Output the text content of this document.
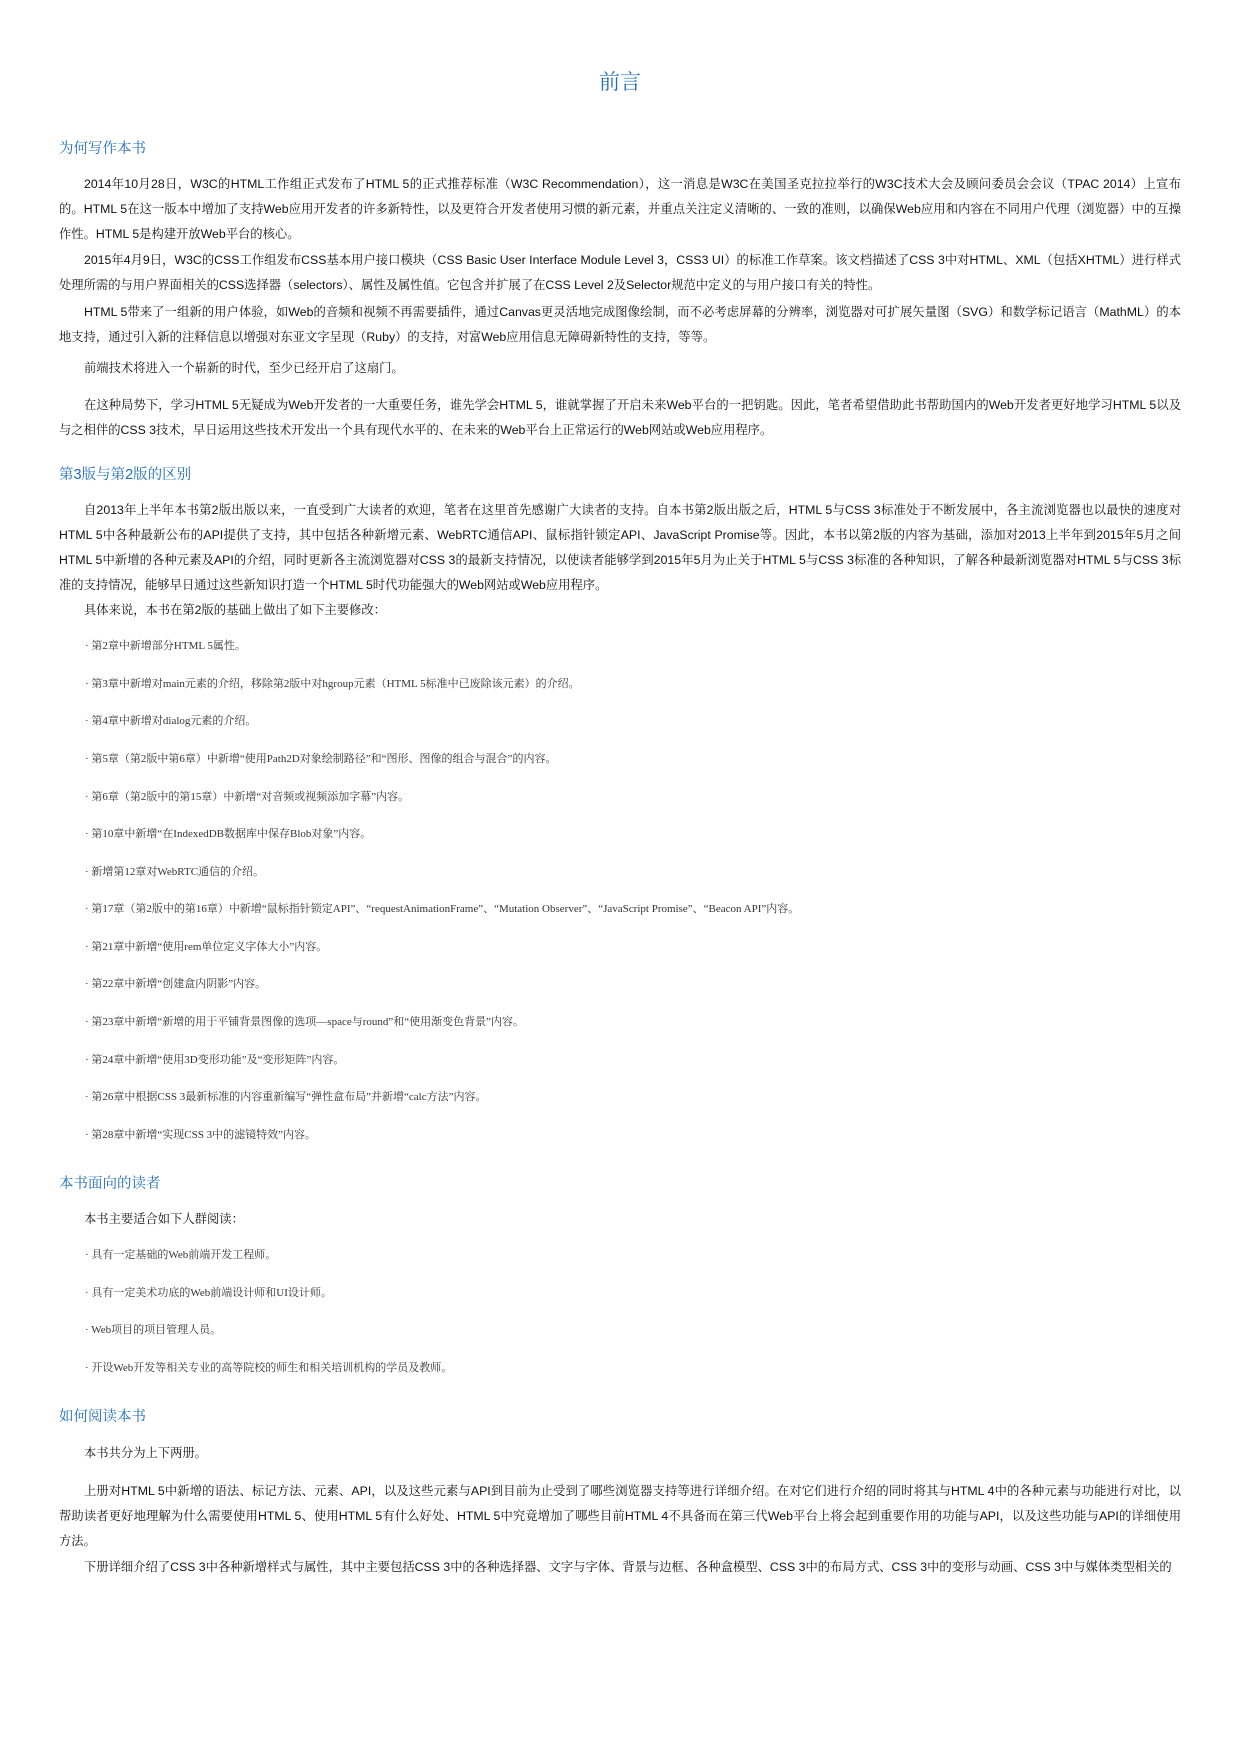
前言
为何写作本书

2014年10月28日，W3C的HTML工作组正式发布了HTML 5的正式推荐标准（W3C Recommendation），这一消息是W3C在美国圣克拉拉举行的W3C技术大会及顾问委员会会议（TPAC 2014）上宣布的。HTML 5在这一版本中增加了支持Web应用开发者的许多新特性，以及更符合开发者使用习惯的新元素，并重点关注定义清晰的、一致的准则，以确保Web应用和内容在不同用户代理（浏览器）中的互操作性。HTML 5是构建开放Web平台的核心。

2015年4月9日，W3C的CSS工作组发布CSS基本用户接口模块（CSS Basic User Interface Module Level 3，CSS3 UI）的标准工作草案。该文档描述了CSS 3中对HTML、XML（包括XHTML）进行样式处理所需的与用户界面相关的CSS选择器（selectors）、属性及属性值。它包含并扩展了在CSS Level 2及Selector规范中定义的与用户接口有关的特性。

HTML 5带来了一组新的用户体验，如Web的音频和视频不再需要插件，通过Canvas更灵活地完成图像绘制，而不必考虑屏幕的分辨率，浏览器对可扩展矢量图（SVG）和数学标记语言（MathML）的本地支持，通过引入新的注释信息以增强对东亚文字呈现（Ruby）的支持，对富Web应用信息无障碍新特性的支持，等等。

前端技术将进入一个崭新的时代，至少已经开启了这扇门。

在这种局势下，学习HTML 5无疑成为Web开发者的一大重要任务，谁先学会HTML 5，谁就掌握了开启未来Web平台的一把钥匙。因此，笔者希望借助此书帮助国内的Web开发者更好地学习HTML 5以及与之相伴的CSS 3技术，早日运用这些技术开发出一个具有现代水平的、在未来的Web平台上正常运行的Web网站或Web应用程序。

第3版与第2版的区别

自2013年上半年本书第2版出版以来，一直受到广大读者的欢迎，笔者在这里首先感谢广大读者的支持。自本书第2版出版之后，HTML 5与CSS 3标准处于不断发展中，各主流浏览器也以最快的速度对HTML 5中各种最新公布的API提供了支持，其中包括各种新增元素、WebRTC通信API、鼠标指针锁定API、JavaScript Promise等。因此，本书以第2版的内容为基础，添加对2013上半年到2015年5月之间HTML 5中新增的各种元素及API的介绍，同时更新各主流浏览器对CSS 3的最新支持情况，以使读者能够学到2015年5月为止关于HTML 5与CSS 3标准的各种知识，了解各种最新浏览器对HTML 5与CSS 3标准的支持情况，能够早日通过这些新知识打造一个HTML 5时代功能强大的Web网站或Web应用程序。

具体来说，本书在第2版的基础上做出了如下主要修改：

· 第2章中新增部分HTML 5属性。
· 第3章中新增对main元素的介绍，移除第2版中对hgroup元素（HTML 5标准中已废除该元素）的介绍。
· 第4章中新增对dialog元素的介绍。
· 第5章（第2版中第6章）中新增“使用Path2D对象绘制路径”和“图形、图像的组合与混合”的内容。
· 第6章（第2版中的第15章）中新增“对音频或视频添加字幕”内容。
· 第10章中新增“在IndexedDB数据库中保存Blob对象”内容。
· 新增第12章对WebRTC通信的介绍。
· 第17章（第2版中的第16章）中新增“鼠标指针锁定API”、“requestAnimationFrame”、“Mutation Observer”、“JavaScript Promise”、“Beacon API”内容。
· 第21章中新增“使用rem单位定义字体大小”内容。
· 第22章中新增“创建盒内阴影”内容。
· 第23章中新增“新增的用于平铺背景图像的选项—space与round”和“使用渐变色背景”内容。
· 第24章中新增“使用3D变形功能”及“变形矩阵”内容。
· 第26章中根据CSS 3最新标准的内容重新编写“弹性盒布局”并新增“calc方法”内容。
· 第28章中新增“实现CSS 3中的滤镜特效”内容。
本书面向的读者

本书主要适合如下人群阅读：

· 具有一定基础的Web前端开发工程师。
· 具有一定美术功底的Web前端设计师和UI设计师。
· Web项目的项目管理人员。
· 开设Web开发等相关专业的高等院校的师生和相关培训机构的学员及教师。
如何阅读本书

本书共分为上下两册。

上册对HTML 5中新增的语法、标记方法、元素、API，以及这些元素与API到目前为止受到了哪些浏览器支持等进行详细介绍。在对它们进行介绍的同时将其与HTML 4中的各种元素与功能进行对比，以帮助读者更好地理解为什么需要使用HTML 5、使用HTML 5有什么好处、HTML 5中究竟增加了哪些目前HTML 4不具备而在第三代Web平台上将会起到重要作用的功能与API，以及这些功能与API的详细使用方法。

下册详细介绍了CSS 3中各种新增样式与属性，其中主要包括CSS 3中的各种选择器、文字与字体、背景与边框、各种盒模型、CSS 3中的布局方式、CSS 3中的变形与动画、CSS 3中与媒体类型相关的
